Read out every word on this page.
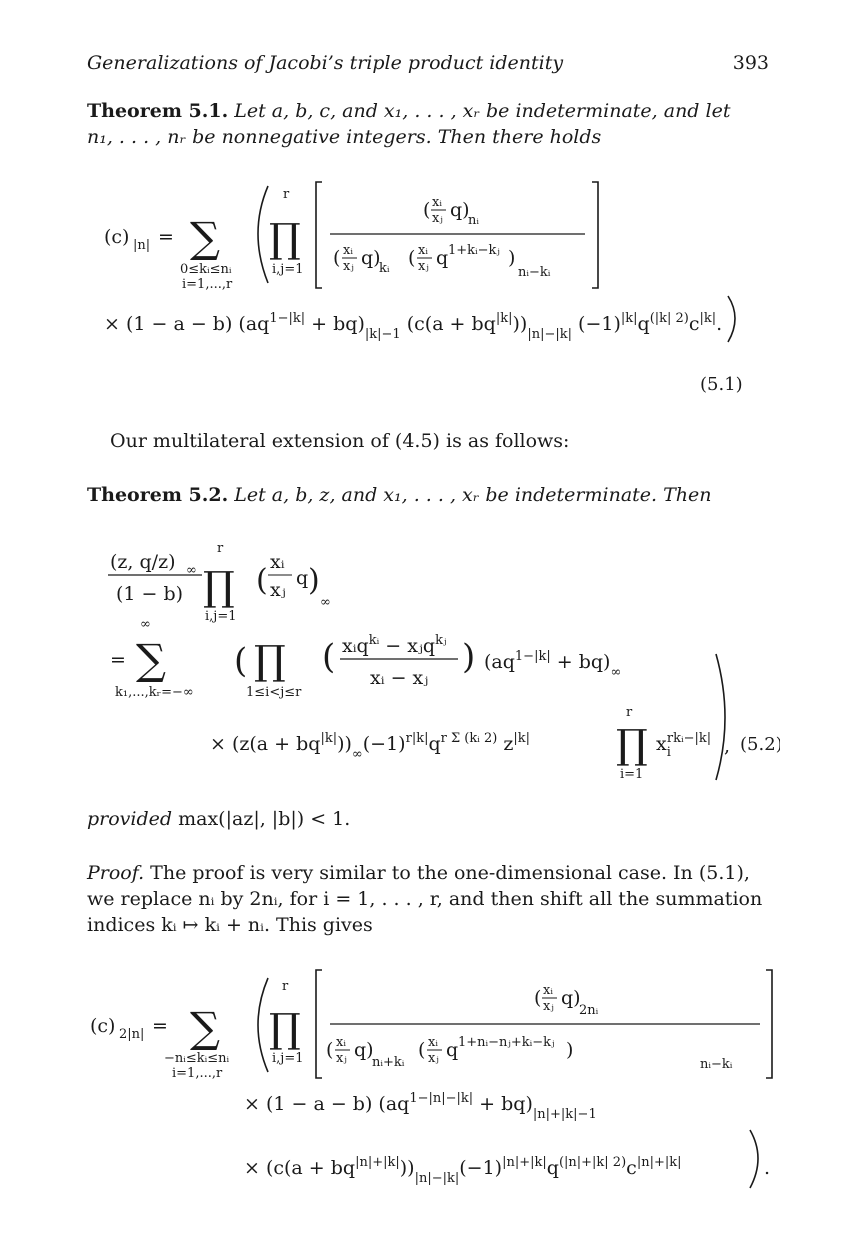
Generalizations of Jacobi’s triple product identity	393
Theorem 5.1. Let a, b, c, and x₁, . . . , xᵣ be indeterminate, and let
n₁, . . . , nᵣ be nonnegative integers. Then there holds
(c) |n| = ∑
0≤kᵢ≤nᵢ
i=1,...,r
r
∏
i,j=1
( xᵢ
xⱼ q)
nᵢ
( xᵢ
xⱼ q)
kᵢ ( xᵢ
xⱼ q 1+kᵢ−kⱼ )
nᵢ−kᵢ
× (1 − a − b) $(aq^{1-|k|} + bq)_{|k|-1}$ $(c(a + bq^{|k|}))_{|n|-|k|}$ $(-1)^{|k|}q^{(|k| 2)}c^{|k|}$.
(5.1)
Our multilateral extension of (4.5) is as follows:
Theorem 5.2. Let a, b, z, and x₁, . . . , xᵣ be indeterminate. Then
(z, q/z) ∞
(1 − b)
r
∏
i,j=1
(
xᵢ
xⱼ
q )
∞
=
∞
∑
k₁,...,kᵣ=−∞
( ∏
1≤i<j≤r
( xᵢq$^{kᵢ}$ − xⱼq$^{kⱼ}$
xᵢ − xⱼ
) $(aq^{1-|k|} + bq)_\infty$
× $(z(a + bq^{|k|}))_\infty(-1)^{r|k|}q^{r \Sigma (kᵢ 2)}$ $z^{|k|}$ ∏
r
i=1
$x_irkᵢ-|k|$ , (5.2)
provided max(|az|, |b|) < 1.
Proof. The proof is very similar to the one-dimensional case. In (5.1),
we replace nᵢ by 2nᵢ, for i = 1, . . . , r, and then shift all the summation
indices kᵢ ↦ kᵢ + nᵢ. This gives
(c) 2|n| = ∑
−nᵢ≤kᵢ≤nᵢ
i=1,...,r
r
∏
i,j=1
( xᵢ
xⱼ q)
2nᵢ
( xᵢ
xⱼ q)
nᵢ+kᵢ
( xᵢ
xⱼ q 1+nᵢ−nⱼ+kᵢ−kⱼ )
nᵢ−kᵢ
× (1 − a − b) $(aq^{1-|n|-|k|} + bq)_{|n|+|k|-1}$
× $(c(a + bq^{|n|+|k|}))_{|n|-|k|}(-1)^{|n|+|k|}q^{(|n|+|k| 2)}c^{|n|+|k|}$	.
